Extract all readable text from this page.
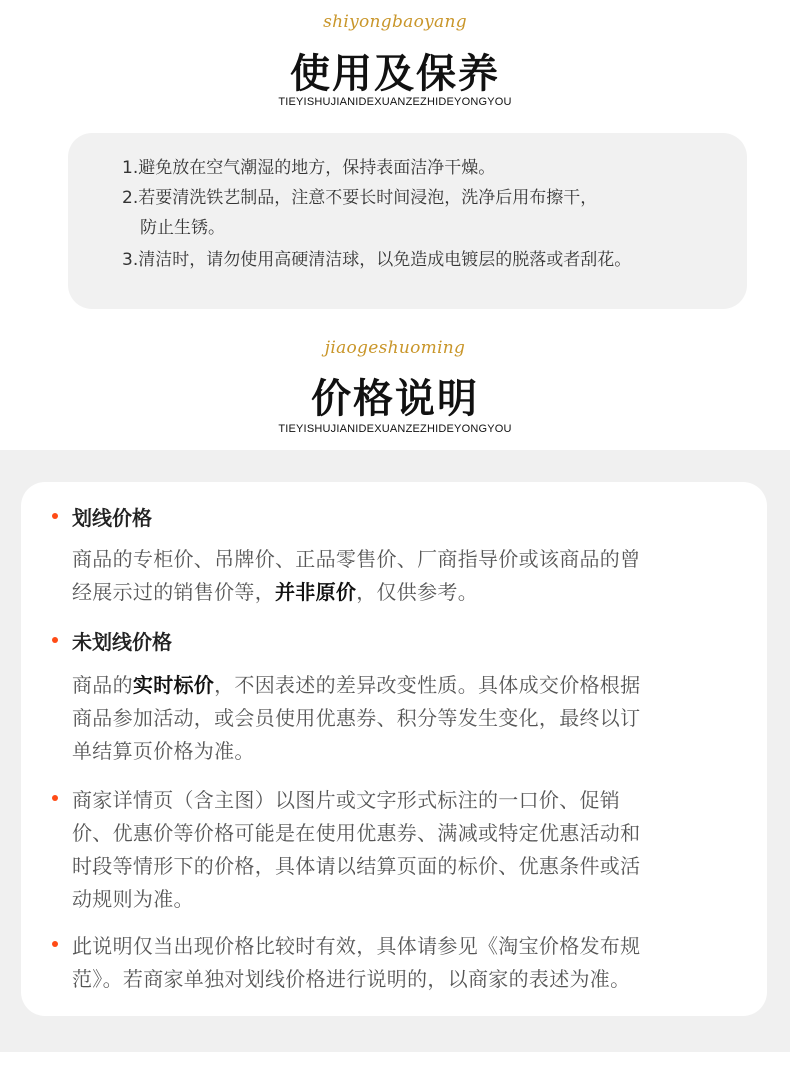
shiyongbaoyang
使用及保养
TIEYISHUJIANIDEXUANZEZHIDEYONGYOU
1.避免放在空气潮湿的地方，保持表面洁净干燥。
2.若要清洗铁艺制品，注意不要长时间浸泡，洗净后用布擦干，
防止生锈。
3.清洁时，请勿使用高硬清洁球，以免造成电镀层的脱落或者刮花。
jiaogeshuoming
价格说明
TIEYISHUJIANIDEXUANZEZHIDEYONGYOU
划线价格
商品的专柜价、吊牌价、正品零售价、厂商指导价或该商品的曾
经展示过的销售价等，并非原价，仅供参考。
未划线价格
商品的实时标价，不因表述的差异改变性质。具体成交价格根据
商品参加活动，或会员使用优惠券、积分等发生变化，最终以订
单结算页价格为准。
商家详情页（含主图）以图片或文字形式标注的一口价、促销
价、优惠价等价格可能是在使用优惠券、满减或特定优惠活动和
时段等情形下的价格，具体请以结算页面的标价、优惠条件或活
动规则为准。
此说明仅当出现价格比较时有效，具体请参见《淘宝价格发布规
范》。若商家单独对划线价格进行说明的，以商家的表述为准。
